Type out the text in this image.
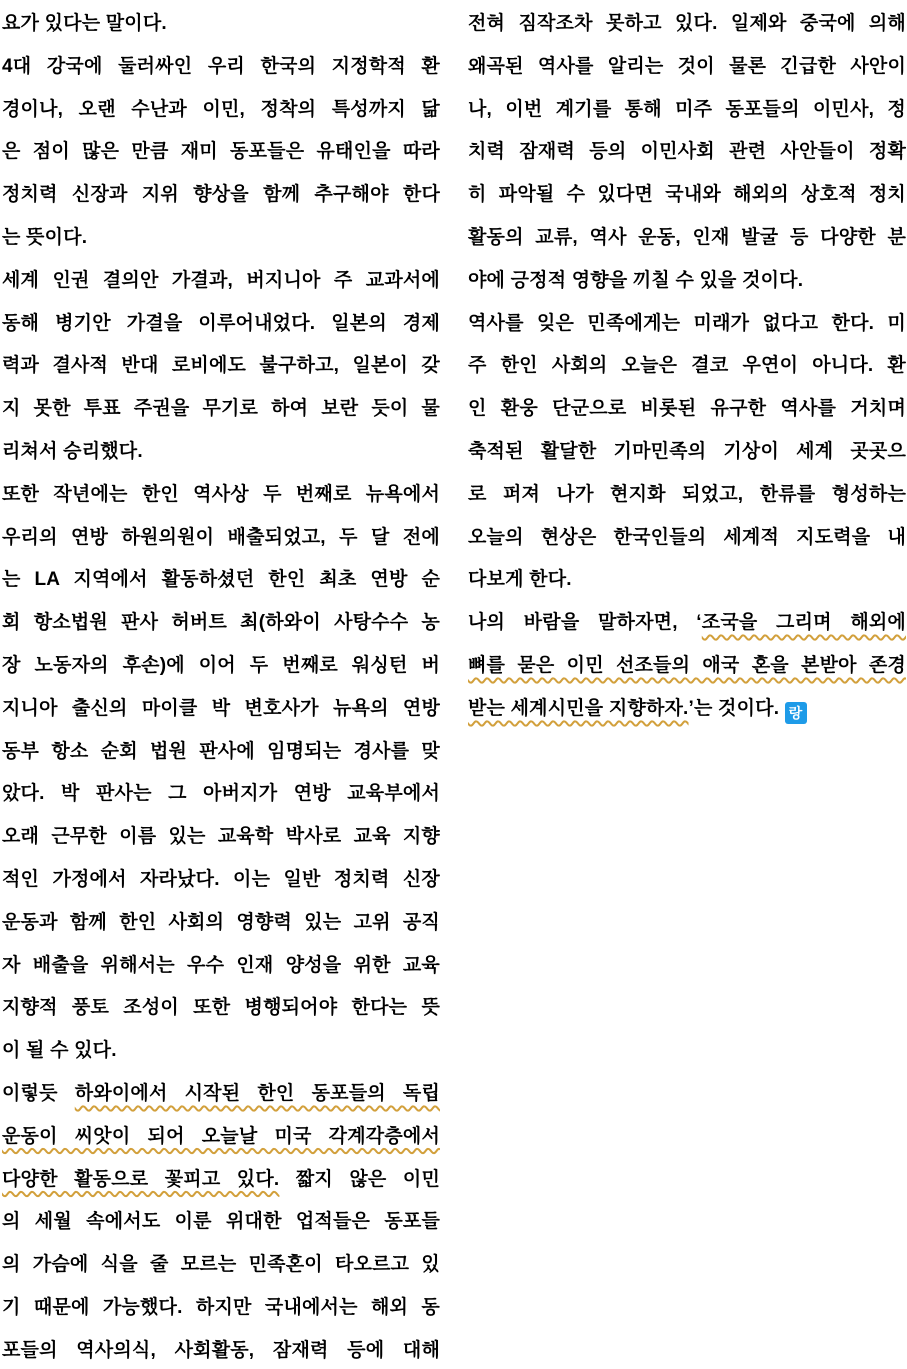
요가 있다는 말이다.
4대 강국에 둘러싸인 우리 한국의 지정학적 환
경이나, 오랜 수난과 이민, 정착의 특성까지 닮
은 점이 많은 만큼 재미 동포들은 유태인을 따라
정치력 신장과 지위 향상을 함께 추구해야 한다
는 뜻이다.
세계 인권 결의안 가결과, 버지니아 주 교과서에
동해 병기안 가결을 이루어내었다. 일본의 경제
력과 결사적 반대 로비에도 불구하고, 일본이 갖
지 못한 투표 주권을 무기로 하여 보란 듯이 물
리쳐서 승리했다.
또한 작년에는 한인 역사상 두 번째로 뉴욕에서
우리의 연방 하원의원이 배출되었고, 두 달 전에
는 LA 지역에서 활동하셨던 한인 최초 연방 순
회 항소법원 판사 허버트 최(하와이 사탕수수 농
장 노동자의 후손)에 이어 두 번째로 워싱턴 버
지니아 출신의 마이클 박 변호사가 뉴욕의 연방
동부 항소 순회 법원 판사에 임명되는 경사를 맞
았다. 박 판사는 그 아버지가 연방 교육부에서
오래 근무한 이름 있는 교육학 박사로 교육 지향
적인 가정에서 자라났다. 이는 일반 정치력 신장
운동과 함께 한인 사회의 영향력 있는 고위 공직
자 배출을 위해서는 우수 인재 양성을 위한 교육
지향적 풍토 조성이 또한 병행되어야 한다는 뜻
이 될 수 있다.
이렇듯 하와이에서 시작된 한인 동포들의 독립
운동이 씨앗이 되어 오늘날 미국 각계각층에서
다양한 활동으로 꽃피고 있다. 짧지 않은 이민
의 세월 속에서도 이룬 위대한 업적들은 동포들
의 가슴에 식을 줄 모르는 민족혼이 타오르고 있
기 때문에 가능했다. 하지만 국내에서는 해외 동
포들의 역사의식, 사회활동, 잠재력 등에 대해
전혀 짐작조차 못하고 있다. 일제와 중국에 의해
왜곡된 역사를 알리는 것이 물론 긴급한 사안이
나, 이번 계기를 통해 미주 동포들의 이민사, 정
치력 잠재력 등의 이민사회 관련 사안들이 정확
히 파악될 수 있다면 국내와 해외의 상호적 정치
활동의 교류, 역사 운동, 인재 발굴 등 다양한 분
야에 긍정적 영향을 끼칠 수 있을 것이다.
역사를 잊은 민족에게는 미래가 없다고 한다. 미
주 한인 사회의 오늘은 결코 우연이 아니다. 환
인 환웅 단군으로 비롯된 유구한 역사를 거치며
축적된 활달한 기마민족의 기상이 세계 곳곳으
로 퍼져 나가 현지화 되었고, 한류를 형성하는
오늘의 현상은 한국인들의 세계적 지도력을 내
다보게 한다.
나의 바람을 말하자면, ‘조국을 그리며 해외에
뼈를 묻은 이민 선조들의 애국 혼을 본받아 존경
받는 세계시민을 지향하자.’는 것이다. 랑
